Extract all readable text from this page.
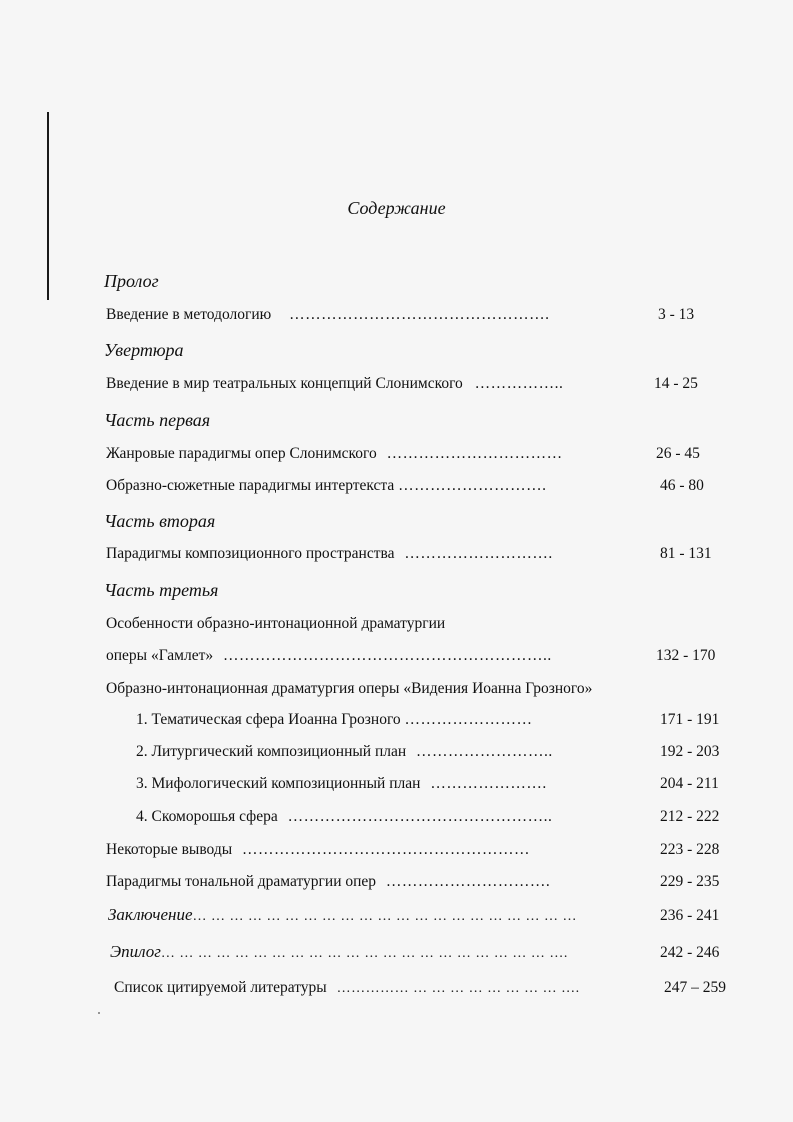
Содержание
Пролог
Введение в методологию ………………………………………….	3 - 13
Увертюра
Введение в мир театральных концепций Слонимского ……………..	14 - 25
Часть первая
Жанровые парадигмы опер Слонимского ……………………………	26 - 45
Образно-сюжетные парадигмы интертекста ……………………….	46 - 80
Часть вторая
Парадигмы композиционного пространства ……………………….	81 - 131
Часть третья
Особенности образно-интонационной драматургии
оперы «Гамлет» ……………………………………………………..	132 - 170
Образно-интонационная драматургия оперы «Видения Иоанна Грозного»
1. Тематическая сфера Иоанна Грозного ……………………	171 - 191
2. Литургический композиционный план ……………………..	192 - 203
3. Мифологический композиционный план ………………….	204 - 211
4. Скоморошья сфера …………………………………………..	212 - 222
Некоторые выводы ………………………………………………	223 - 228
Парадигмы тональной драматургии опер ………………………….	229 - 235
Заключение… … … … … … … … … … … … … … … … … … … … …	236 - 241
Эпилог… … … … … … … … … … … … … … … … … … … … … ….	242 - 246
Список цитируемой литературы …………… … … … … … … … … ….	247 – 259
